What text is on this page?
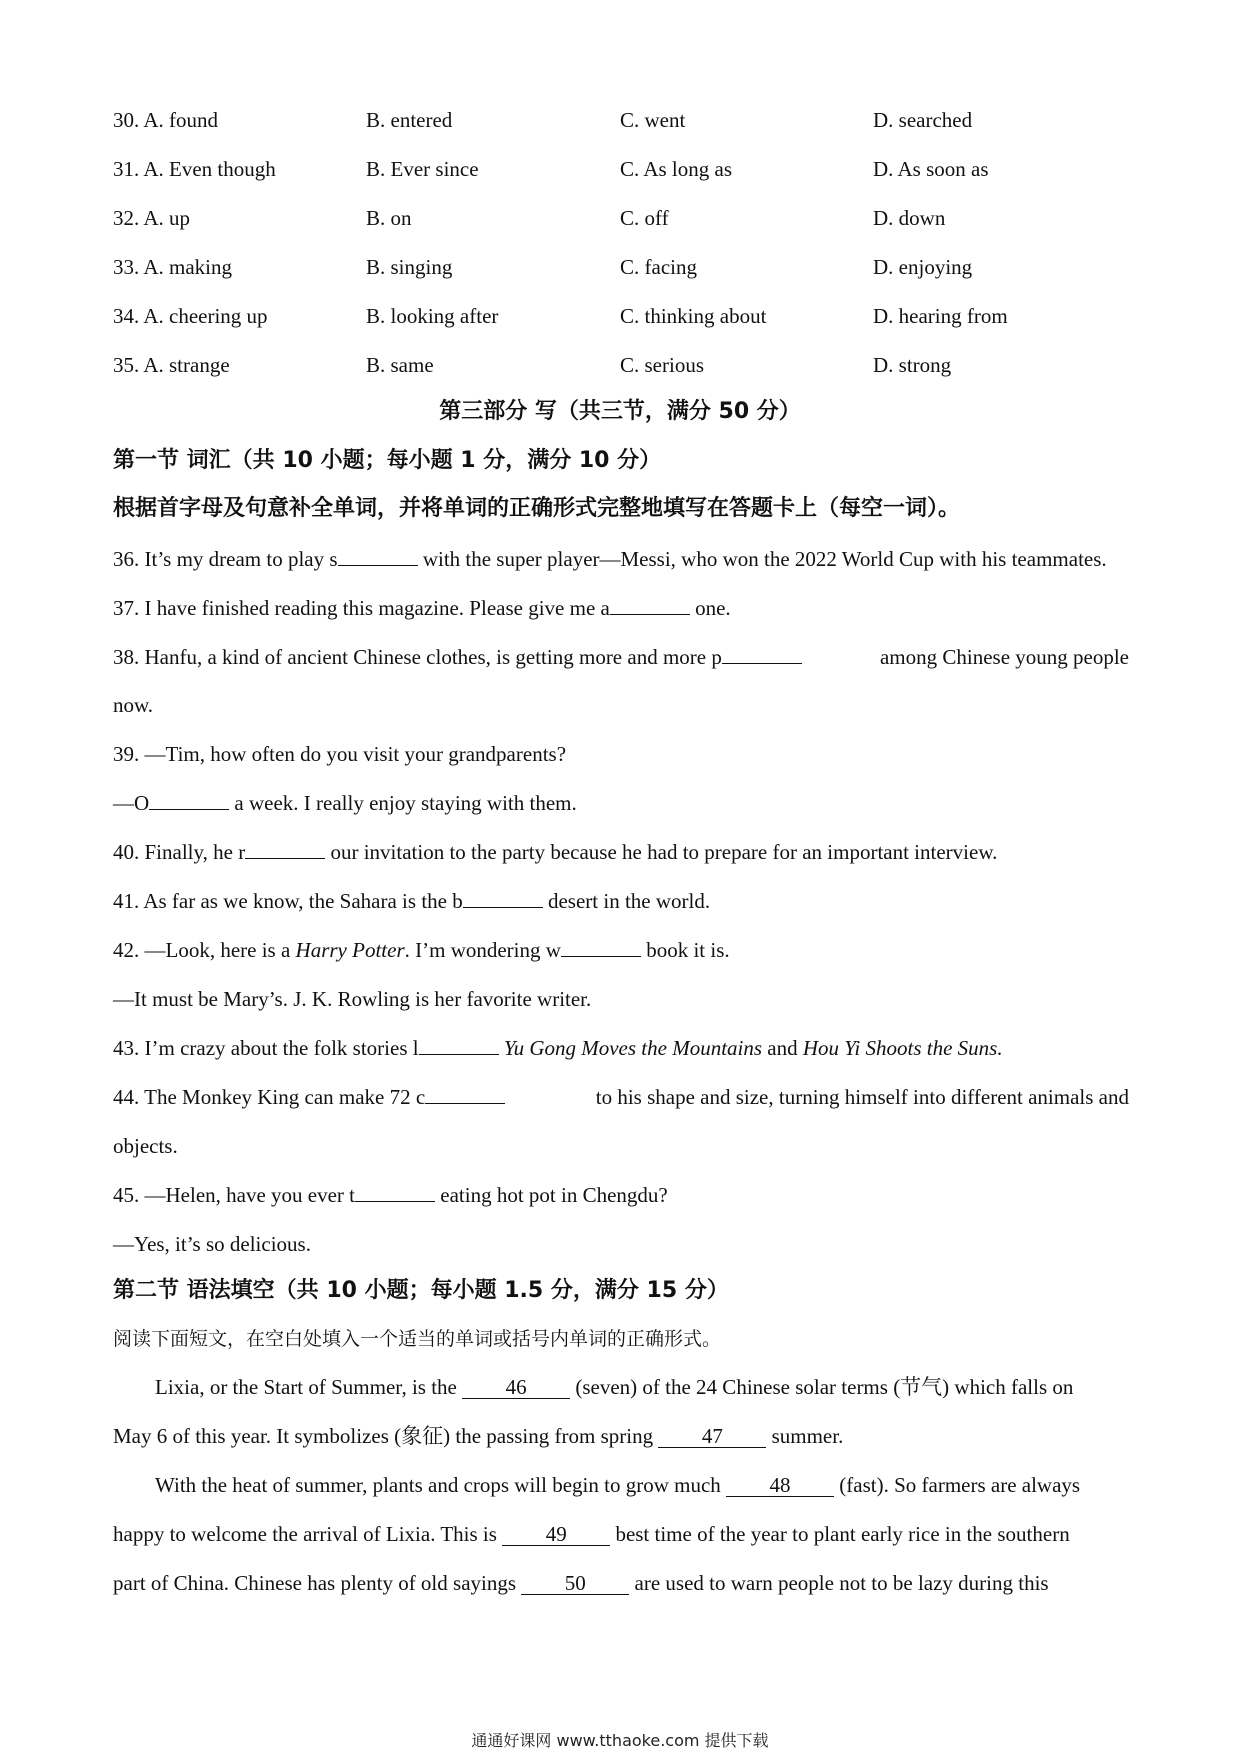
30. A. found	B. entered	C. went	D. searched
31. A. Even though	B. Ever since	C. As long as	D. As soon as
32. A. up	B. on	C. off	D. down
33. A. making	B. singing	C. facing	D. enjoying
34. A. cheering up	B. looking after	C. thinking about	D. hearing from
35. A. strange	B. same	C. serious	D. strong
第三部分 写（共三节，满分 50 分）
第一节 词汇（共 10 小题；每小题 1 分，满分 10 分）
根据首字母及句意补全单词，并将单词的正确形式完整地填写在答题卡上（每空一词）。
36. It’s my dream to play s	with the super player—Messi, who won the 2022 World Cup with his teammates.
37. I have finished reading this magazine. Please give me a	one.
38. Hanfu, a kind of ancient Chinese clothes, is getting more and more p	among Chinese young people
now.
39. —Tim, how often do you visit your grandparents?
—O	a week. I really enjoy staying with them.
40. Finally, he r	our invitation to the party because he had to prepare for an important interview.
41. As far as we know, the Sahara is the b	desert in the world.
42. —Look, here is a Harry Potter. I’m wondering w	book it is.
—It must be Mary’s. J. K. Rowling is her favorite writer.
43. I’m crazy about the folk stories l	Yu Gong Moves the Mountains and Hou Yi Shoots the Suns.
44. The Monkey King can make 72 c	to his shape and size, turning himself into different animals and
objects.
45. —Helen, have you ever t	eating hot pot in Chengdu?
—Yes, it’s so delicious.
第二节 语法填空（共 10 小题；每小题 1.5 分，满分 15 分）
阅读下面短文，在空白处填入一个适当的单词或括号内单词的正确形式。
Lixia, or the Start of Summer, is the 46 (seven) of the 24 Chinese solar terms (节气) which falls on
May 6 of this year. It symbolizes (象征) the passing from spring 47 summer.
With the heat of summer, plants and crops will begin to grow much 48 (fast). So farmers are always
happy to welcome the arrival of Lixia. This is 49 best time of the year to plant early rice in the southern
part of China. Chinese has plenty of old sayings 50 are used to warn people not to be lazy during this
通通好课网 www.tthaoke.com 提供下载
